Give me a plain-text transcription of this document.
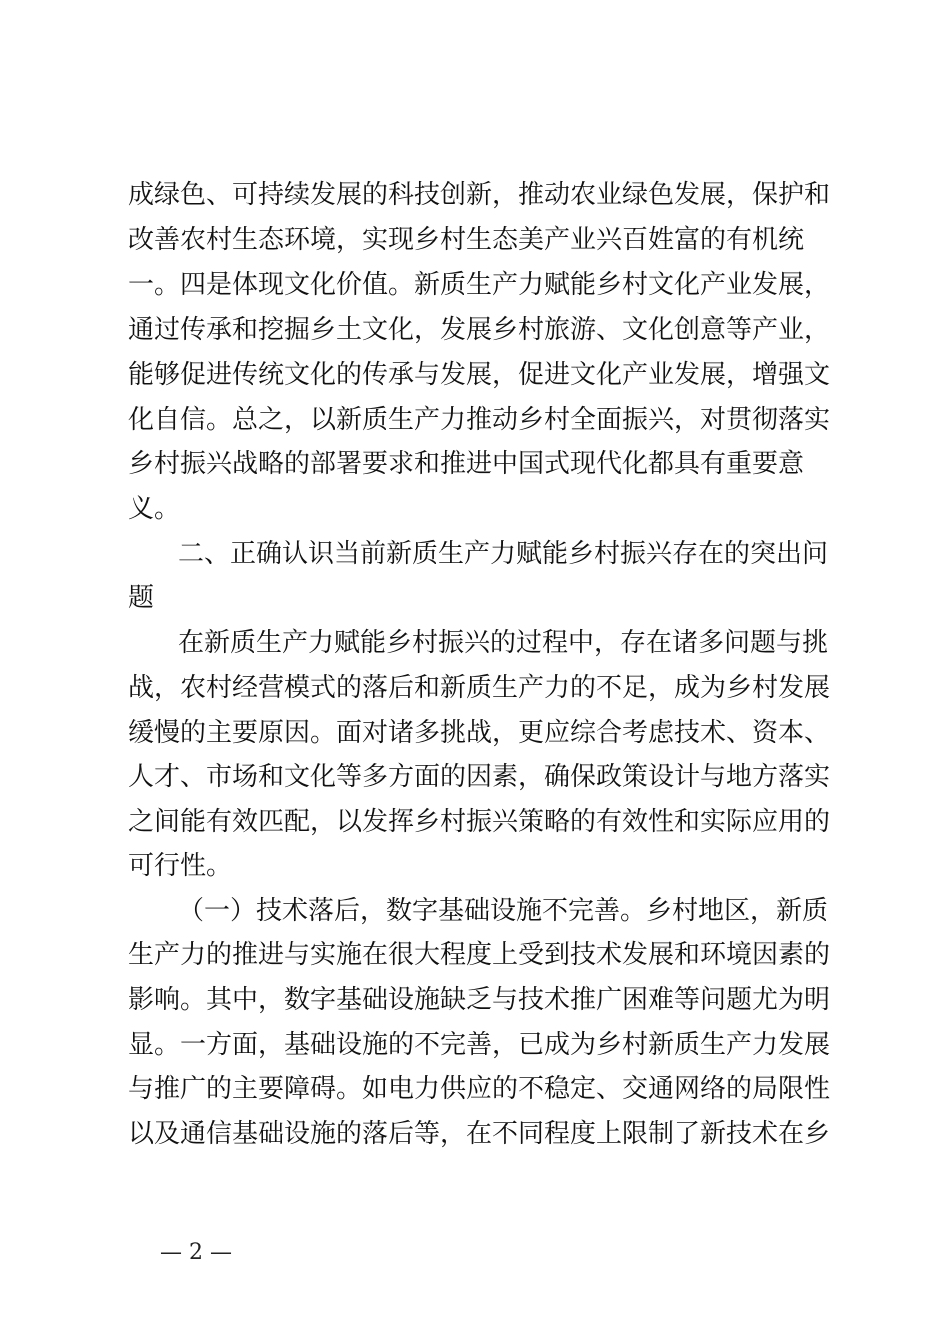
成绿色、可持续发展的科技创新，推动农业绿色发展，保护和
改善农村生态环境，实现乡村生态美产业兴百姓富的有机统
一。四是体现文化价值。新质生产力赋能乡村文化产业发展，
通过传承和挖掘乡土文化，发展乡村旅游、文化创意等产业，
能够促进传统文化的传承与发展，促进文化产业发展，增强文
化自信。总之，以新质生产力推动乡村全面振兴，对贯彻落实
乡村振兴战略的部署要求和推进中国式现代化都具有重要意
义。
二、正确认识当前新质生产力赋能乡村振兴存在的突出问
题
在新质生产力赋能乡村振兴的过程中，存在诸多问题与挑
战，农村经营模式的落后和新质生产力的不足，成为乡村发展
缓慢的主要原因。面对诸多挑战，更应综合考虑技术、资本、
人才、市场和文化等多方面的因素，确保政策设计与地方落实
之间能有效匹配，以发挥乡村振兴策略的有效性和实际应用的
可行性。
（一）技术落后，数字基础设施不完善。乡村地区，新质
生产力的推进与实施在很大程度上受到技术发展和环境因素的
影响。其中，数字基础设施缺乏与技术推广困难等问题尤为明
显。一方面，基础设施的不完善，已成为乡村新质生产力发展
与推广的主要障碍。如电力供应的不稳定、交通网络的局限性
以及通信基础设施的落后等，在不同程度上限制了新技术在乡
— 2 —
